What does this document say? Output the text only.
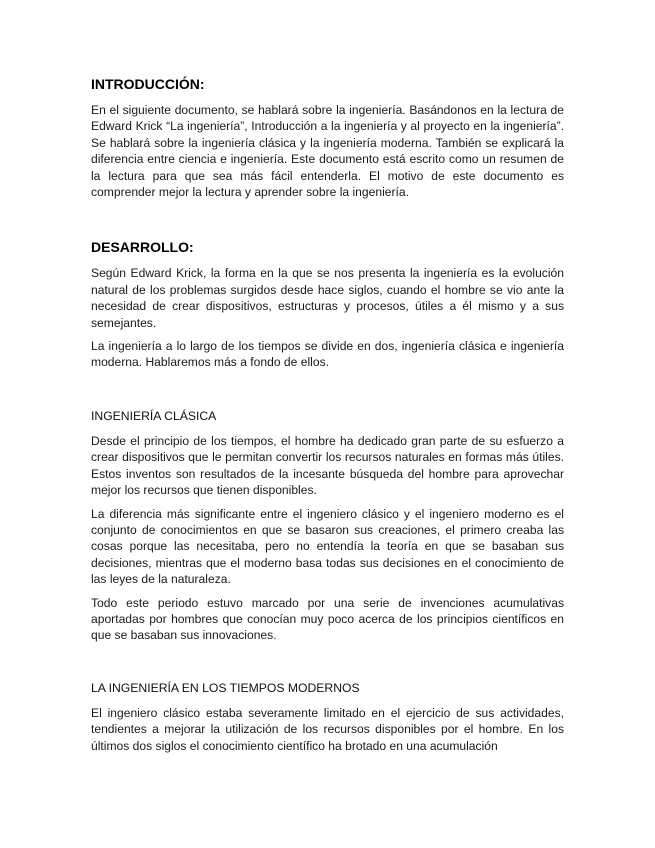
INTRODUCCIÓN:

En el siguiente documento, se hablará sobre la ingeniería. Basándonos en la lectura de Edward Krick “La ingeniería”, Introducción a la ingeniería y al proyecto en la ingeniería”. Se hablará sobre la ingeniería clásica y la ingeniería moderna. También se explicará la diferencia entre ciencia e ingeniería. Este documento está escrito como un resumen de la lectura para que sea más fácil entenderla. El motivo de este documento es comprender mejor la lectura y aprender sobre la ingeniería.

DESARROLLO:

Según Edward Krick, la forma en la que se nos presenta la ingeniería es la evolución natural de los problemas surgidos desde hace siglos, cuando el hombre se vio ante la necesidad de crear dispositivos, estructuras y procesos, útiles a él mismo y a sus semejantes.

La ingeniería a lo largo de los tiempos se divide en dos, ingeniería clásica e ingeniería moderna. Hablaremos más a fondo de ellos.

INGENIERÍA CLÁSICA

Desde el principio de los tiempos, el hombre ha dedicado gran parte de su esfuerzo a crear dispositivos que le permitan convertir los recursos naturales en formas más útiles. Estos inventos son resultados de la incesante búsqueda del hombre para aprovechar mejor los recursos que tienen disponibles.

La diferencia más significante entre el ingeniero clásico y el ingeniero moderno es el conjunto de conocimientos en que se basaron sus creaciones, el primero creaba las cosas porque las necesitaba, pero no entendía la teoría en que se basaban sus decisiones, mientras que el moderno basa todas sus decisiones en el conocimiento de las leyes de la naturaleza.

Todo este periodo estuvo marcado por una serie de invenciones acumulativas aportadas por hombres que conocían muy poco acerca de los principios científicos en que se basaban sus innovaciones.

LA INGENIERÍA EN LOS TIEMPOS MODERNOS

El ingeniero clásico estaba severamente limitado en el ejercicio de sus actividades, tendientes a mejorar la utilización de los recursos disponibles por el hombre. En los últimos dos siglos el conocimiento científico ha brotado en una acumulación
